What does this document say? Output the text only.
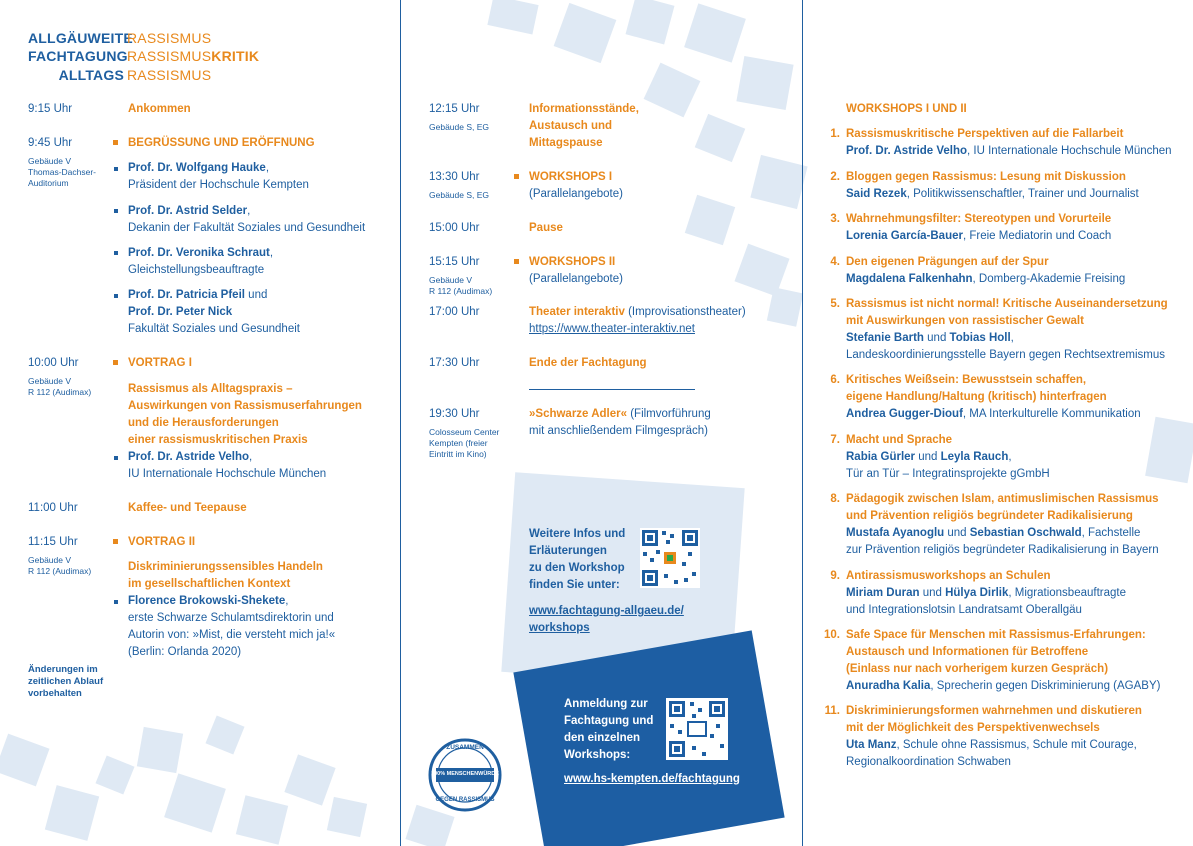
ALLGÄUWEITE
RASSISMUS
FACHTAGUNG RASSISMUSKRITIK
ALLTAGS RASSISMUS
9:15 Uhr	Ankommen
9:45 Uhr
Gebäude V
Thomas-Dachser-
Auditorium
BEGRÜSSUNG UND ERÖFFNUNG
Prof. Dr. Wolfgang Hauke,
Präsident der Hochschule Kempten
Prof. Dr. Astrid Selder,
Dekanin der Fakultät Soziales und Gesundheit
Prof. Dr. Veronika Schraut,
Gleichstellungsbeauftragte
Prof. Dr. Patricia Pfeil und
Prof. Dr. Peter Nick
Fakultät Soziales und Gesundheit
10:00 Uhr
Gebäude V
R 112 (Audimax)
VORTRAG I
Rassismus als Alltagspraxis –
Auswirkungen von Rassismuserfahrungen
und die Herausforderungen
einer rassismuskritischen Praxis
Prof. Dr. Astride Velho,
IU Internationale Hochschule München
11:00 Uhr	Kaffee- und Teepause
11:15 Uhr
Gebäude V
R 112 (Audimax)
VORTRAG II
Diskriminierungssensibles Handeln
im gesellschaftlichen Kontext
Florence Brokowski-Shekete,
erste Schwarze Schulamtsdirektorin und
Autorin von: »Mist, die versteht mich ja!«
(Berlin: Orlanda 2020)
Änderungen im
zeitlichen Ablauf
vorbehalten
ZUSAMMEN
100% MENSCHENWÜRDE
GEGEN RASSISMUS
12:15 Uhr
Gebäude S, EG
Informationsstände,
Austausch und
Mittagspause
13:30 Uhr
Gebäude S, EG
WORKSHOPS I
(Parallelangebote)
15:00 Uhr	Pause
15:15 Uhr
Gebäude V
R 112 (Audimax)
WORKSHOPS II
(Parallelangebote)
17:00 Uhr	Theater interaktiv (Improvisationstheater)
https://www.theater-interaktiv.net
17:30 Uhr	Ende der Fachtagung
19:30 Uhr
Colosseum Center
Kempten (freier
Eintritt im Kino)
»Schwarze Adler« (Filmvorführung
mit anschließendem Filmgespräch)
Weitere Infos und
Erläuterungen
zu den Workshop
finden Sie unter:
www.fachtagung-allgaeu.de/
workshops
Anmeldung zur
Fachtagung und
den einzelnen
Workshops:
www.hs-kempten.de/fachtagung
WORKSHOPS I UND II
1. Rassismuskritische Perspektiven auf die Fallarbeit
Prof. Dr. Astride Velho, IU Internationale Hochschule München
2. Bloggen gegen Rassismus: Lesung mit Diskussion
Said Rezek, Politikwissenschaftler, Trainer und Journalist
3. Wahrnehmungsfilter: Stereotypen und Vorurteile
Lorenia García-Bauer, Freie Mediatorin und Coach
4. Den eigenen Prägungen auf der Spur
Magdalena Falkenhahn, Domberg-Akademie Freising
5. Rassismus ist nicht normal! Kritische Auseinandersetzung
mit Auswirkungen von rassistischer Gewalt
Stefanie Barth und Tobias Holl,
Landeskoordinierungsstelle Bayern gegen Rechtsextremismus
6. Kritisches Weißsein: Bewusstsein schaffen,
eigene Handlung/Haltung (kritisch) hinterfragen
Andrea Gugger-Diouf, MA Interkulturelle Kommunikation
7. Macht und Sprache
Rabia Gürler und Leyla Rauch,
Tür an Tür – Integratinsprojekte gGmbH
8. Pädagogik zwischen Islam, antimuslimischen Rassismus
und Prävention religiös begründeter Radikalisierung
Mustafa Ayanoglu und Sebastian Oschwald, Fachstelle
zur Prävention religiös begründeter Radikalisierung in Bayern
9. Antirassismusworkshops an Schulen
Miriam Duran und Hülya Dirlik, Migrationsbeauftragte
und Integrationslotsin Landratsamt Oberallgäu
10. Safe Space für Menschen mit Rassismus-Erfahrungen:
Austausch und Informationen für Betroffene
(Einlass nur nach vorherigem kurzen Gespräch)
Anuradha Kalia, Sprecherin gegen Diskriminierung (AGABY)
11. Diskriminierungsformen wahrnehmen und diskutieren
mit der Möglichkeit des Perspektivenwechsels
Uta Manz, Schule ohne Rassismus, Schule mit Courage,
Regionalkoordination Schwaben
